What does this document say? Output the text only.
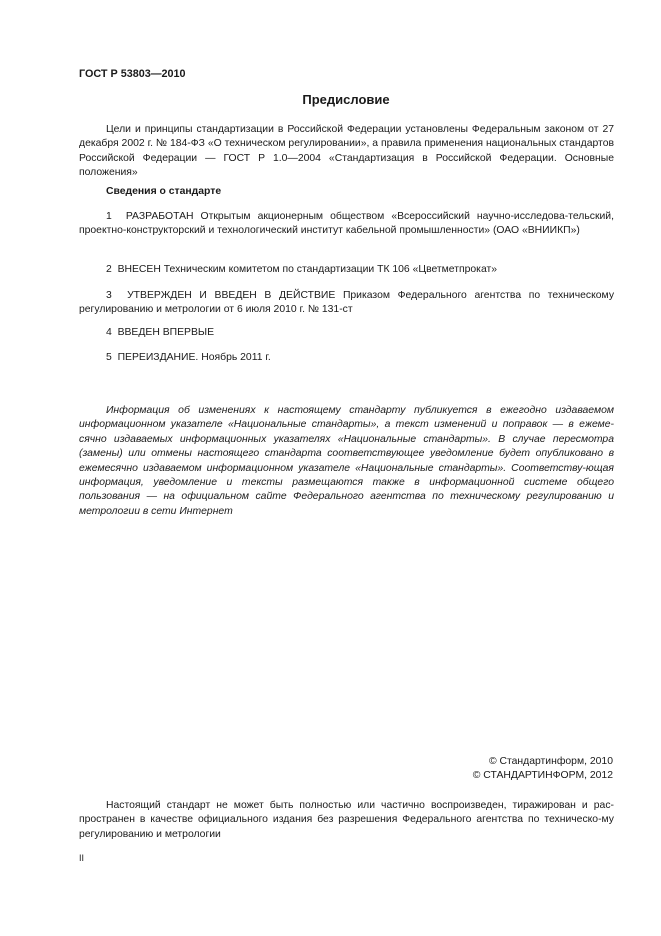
ГОСТ Р 53803—2010
Предисловие
Цели и принципы стандартизации в Российской Федерации установлены Федеральным законом от 27 декабря 2002 г. № 184-ФЗ «О техническом регулировании», а правила применения национальных стандартов Российской Федерации — ГОСТ Р 1.0—2004 «Стандартизация в Российской Федерации. Основные положения»
Сведения о стандарте
1 РАЗРАБОТАН Открытым акционерным обществом «Всероссийский научно-исследова-тельский, проектно-конструкторский и технологический институт кабельной промышленности» (ОАО «ВНИИКП»)
2 ВНЕСЕН Техническим комитетом по стандартизации ТК 106 «Цветметпрокат»
3 УТВЕРЖДЕН И ВВЕДЕН В ДЕЙСТВИЕ Приказом Федерального агентства по техническому регулированию и метрологии от 6 июля 2010 г. № 131-ст
4 ВВЕДЕН ВПЕРВЫЕ
5 ПЕРЕИЗДАНИЕ. Ноябрь 2011 г.
Информация об изменениях к настоящему стандарту публикуется в ежегодно издаваемом информационном указателе «Национальные стандарты», а текст изменений и поправок — в ежеме-сячно издаваемых информационных указателях «Национальные стандарты». В случае пересмотра (замены) или отмены настоящего стандарта соответствующее уведомление будет опубликовано в ежемесячно издаваемом информационном указателе «Национальные стандарты». Соответству-ющая информация, уведомление и тексты размещаются также в информационной системе общего пользования — на официальном сайте Федерального агентства по техническому регулированию и метрологии в сети Интернет
© Стандартинформ, 2010
© СТАНДАРТИНФОРМ, 2012
Настоящий стандарт не может быть полностью или частично воспроизведен, тиражирован и рас-пространен в качестве официального издания без разрешения Федерального агентства по техническо-му регулированию и метрологии
II
